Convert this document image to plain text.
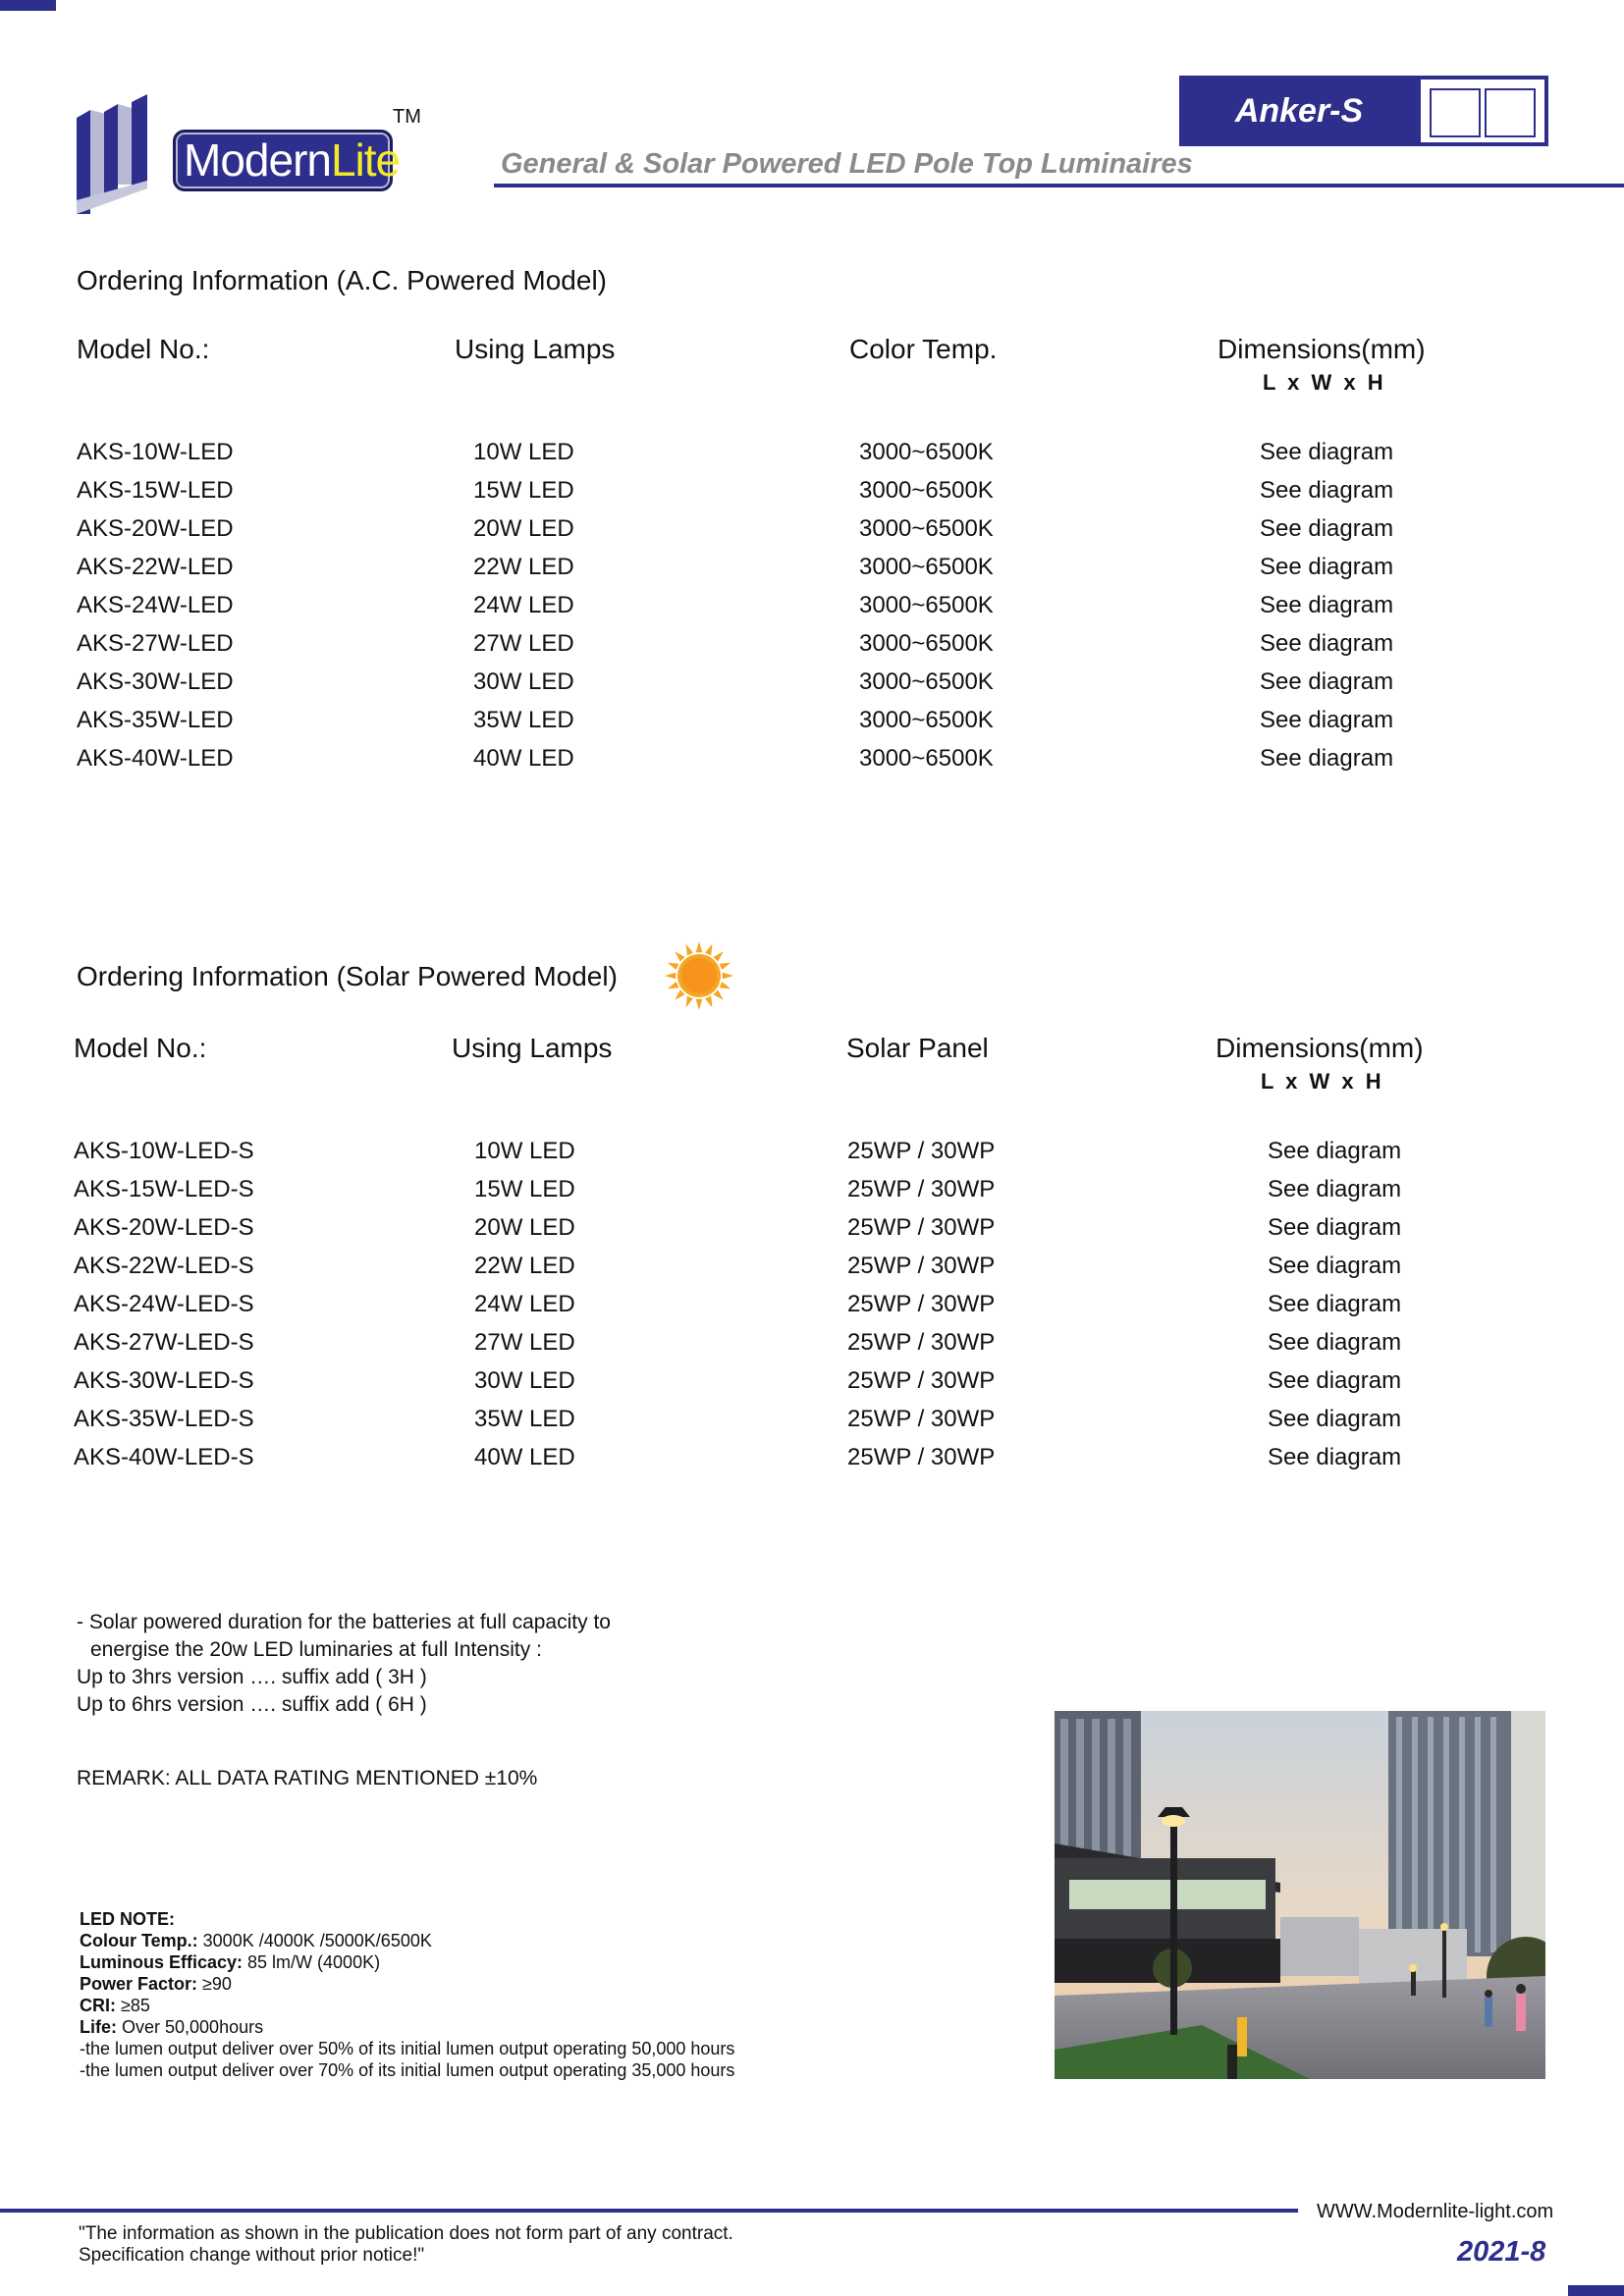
ModernLite
TM	Anker-S
General & Solar Powered LED Pole Top Luminaires
Ordering Information (A.C. Powered Model)
Model No.:	Using Lamps	Color Temp.	Dimensions(mm)
L x W x H
AKS-10W-LED	10W LED	3000~6500K	See diagram
AKS-15W-LED	15W LED	3000~6500K	See diagram
AKS-20W-LED	20W LED	3000~6500K	See diagram
AKS-22W-LED	22W LED	3000~6500K	See diagram
AKS-24W-LED	24W LED	3000~6500K	See diagram
AKS-27W-LED	27W LED	3000~6500K	See diagram
AKS-30W-LED	30W LED	3000~6500K	See diagram
AKS-35W-LED	35W LED	3000~6500K	See diagram
AKS-40W-LED	40W LED	3000~6500K	See diagram
Ordering Information (Solar Powered Model)
Model No.:	Using Lamps	Solar Panel	Dimensions(mm)
L x W x H
AKS-10W-LED-S	10W LED	25WP / 30WP	See diagram
AKS-15W-LED-S	15W LED	25WP / 30WP	See diagram
AKS-20W-LED-S	20W LED	25WP / 30WP	See diagram
AKS-22W-LED-S	22W LED	25WP / 30WP	See diagram
AKS-24W-LED-S	24W LED	25WP / 30WP	See diagram
AKS-27W-LED-S	27W LED	25WP / 30WP	See diagram
AKS-30W-LED-S	30W LED	25WP / 30WP	See diagram
AKS-35W-LED-S	35W LED	25WP / 30WP	See diagram
AKS-40W-LED-S	40W LED	25WP / 30WP	See diagram
- Solar powered duration for the batteries at full capacity to
energise the 20w LED luminaries at full Intensity :
Up to 3hrs version …. suffix add ( 3H )
Up to 6hrs version …. suffix add ( 6H )
REMARK: ALL DATA RATING MENTIONED ±10%
LED NOTE:
Colour Temp.: 3000K /4000K /5000K/6500K
Luminous Efficacy: 85 lm/W (4000K)
Power Factor: ≥90
CRI: ≥85
Life: Over 50,000hours
-the lumen output deliver over 50% of its initial lumen output operating 50,000 hours
-the lumen output deliver over 70% of its initial lumen output operating 35,000 hours
WWW.Modernlite-light.com
"The information as shown in the publication does not form part of any contract.
Specification change without prior notice!"	2021-8
